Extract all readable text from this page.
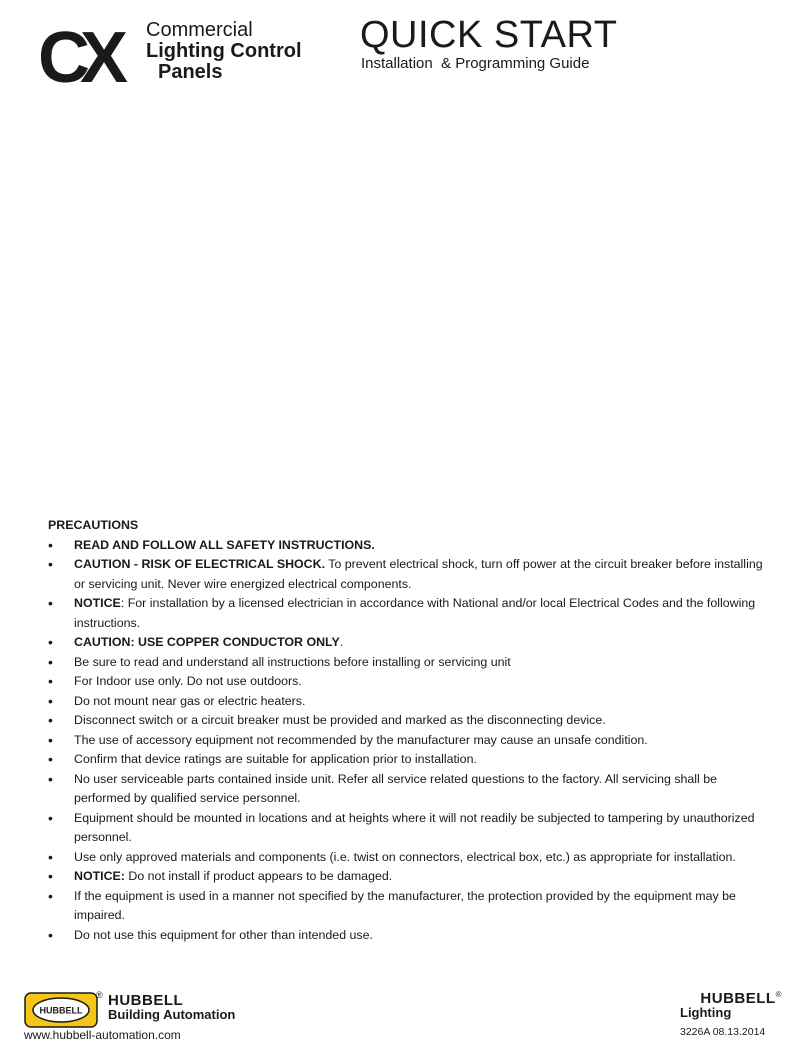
CX	Commercial
Lighting Control
Panels
QUICK START
Installation  & Programming Guide
PRECAUTIONS
• READ AND FOLLOW ALL SAFETY INSTRUCTIONS.
• CAUTION - RISK OF ELECTRICAL SHOCK. To prevent electrical shock, turn off power at the circuit breaker before installing or servicing unit. Never wire energized electrical components.
• NOTICE: For installation by a licensed electrician in accordance with National and/or local Electrical Codes and the following instructions.
• CAUTION: USE COPPER CONDUCTOR ONLY.
• Be sure to read and understand all instructions before installing or servicing unit
• For Indoor use only. Do not use outdoors.
• Do not mount near gas or electric heaters.
• Disconnect switch or a circuit breaker must be provided and marked as the disconnecting device.
• The use of accessory equipment not recommended by the manufacturer may cause an unsafe condition.
• Confirm that device ratings are suitable for application prior to installation.
• No user serviceable parts contained inside unit. Refer all service related questions to the factory. All servicing shall be performed by qualified service personnel.
• Equipment should be mounted in locations and at heights where it will not readily be subjected to tampering by unauthorized personnel.
• Use only approved materials and components (i.e. twist on connectors, electrical box, etc.) as appropriate for installation.
• NOTICE: Do not install if product appears to be damaged.
• If the equipment is used in a manner not specified by the manufacturer, the protection provided by the equipment may be impaired.
• Do not use this equipment for other than intended use.
HUBBELL
® HUBBELL
Building Automation
www.hubbell-automation.com
HUBBELL®
Lighting
3226A 08.13.2014
